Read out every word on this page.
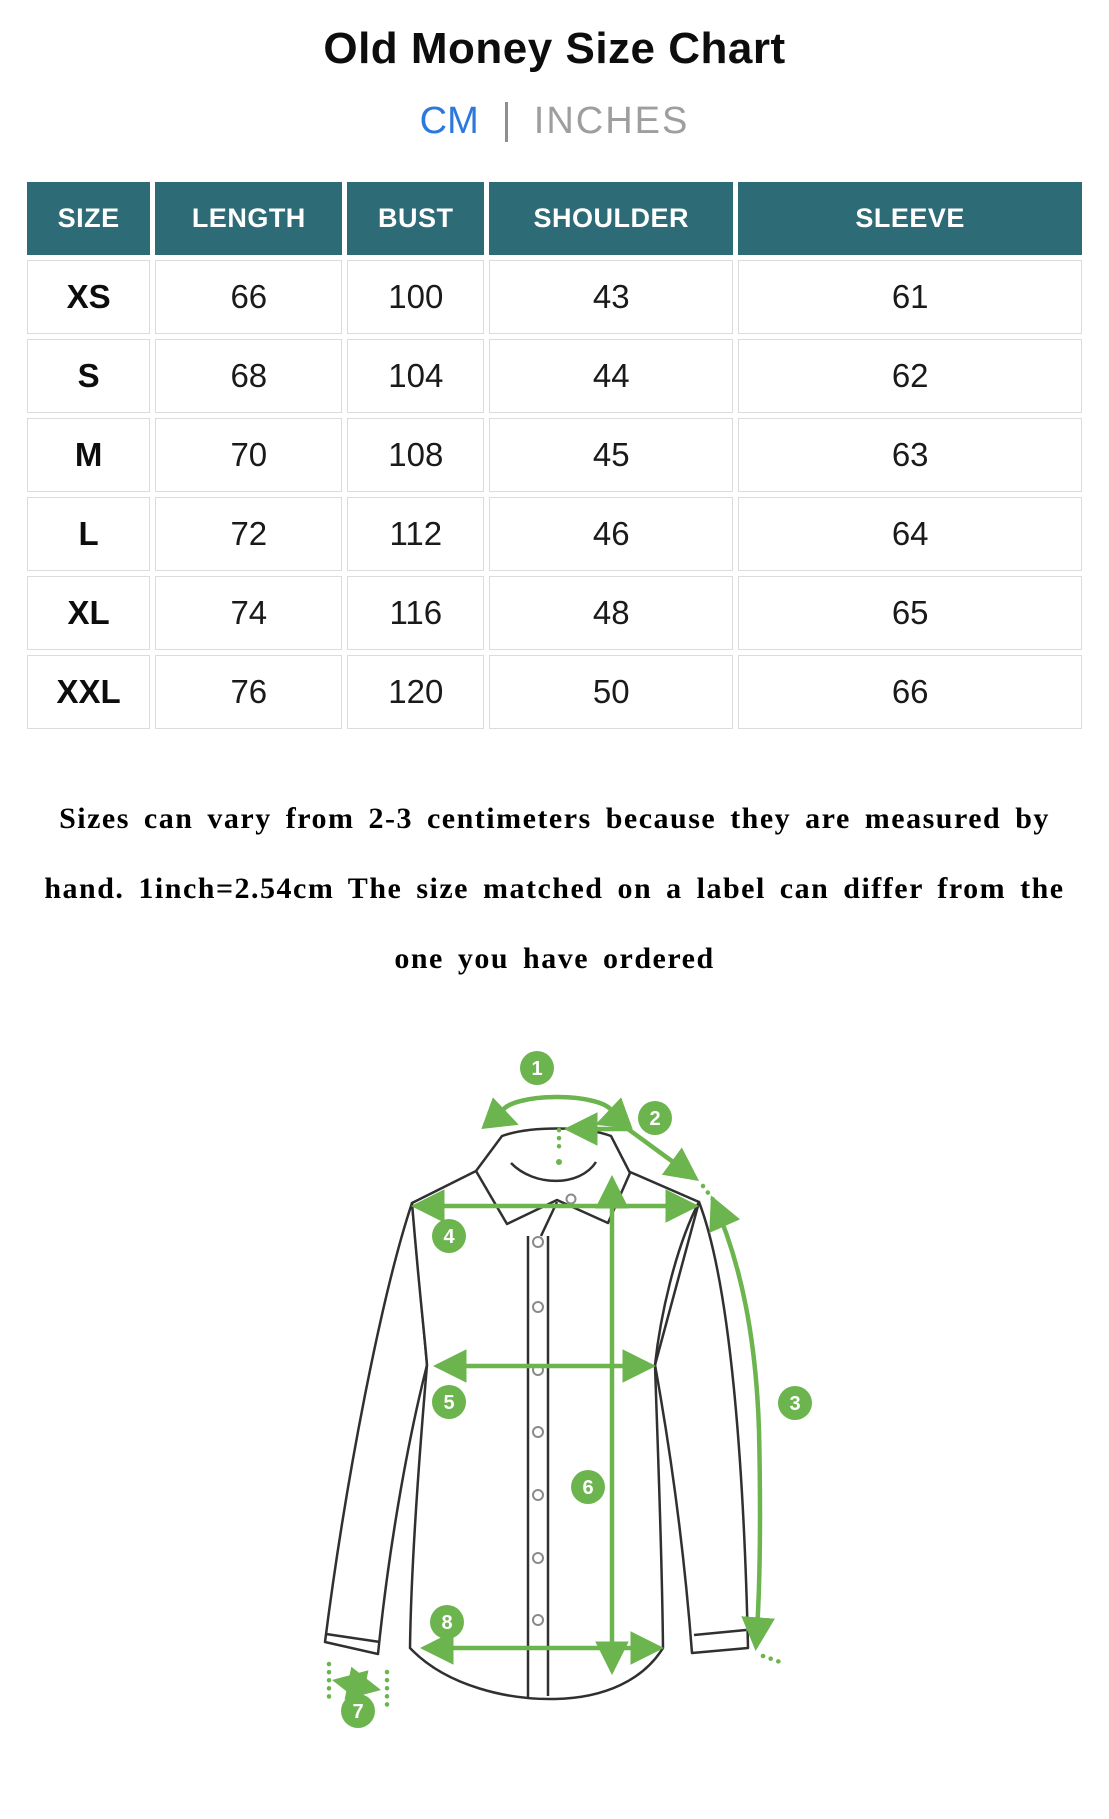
Old Money Size Chart
CM INCHES
SIZE	LENGTH	BUST	SHOULDER	SLEEVE
XS	66	100	43	61
S	68	104	44	62
M	70	108	45	63
L	72	112	46	64
XL	74	116	48	65
XXL	76	120	50	66
Sizes can vary from 2-3 centimeters because they are measured by
hand. 1inch=2.54cm The size matched on a label can differ from the
one you have ordered
1
2
4
5	3
6
8
7
